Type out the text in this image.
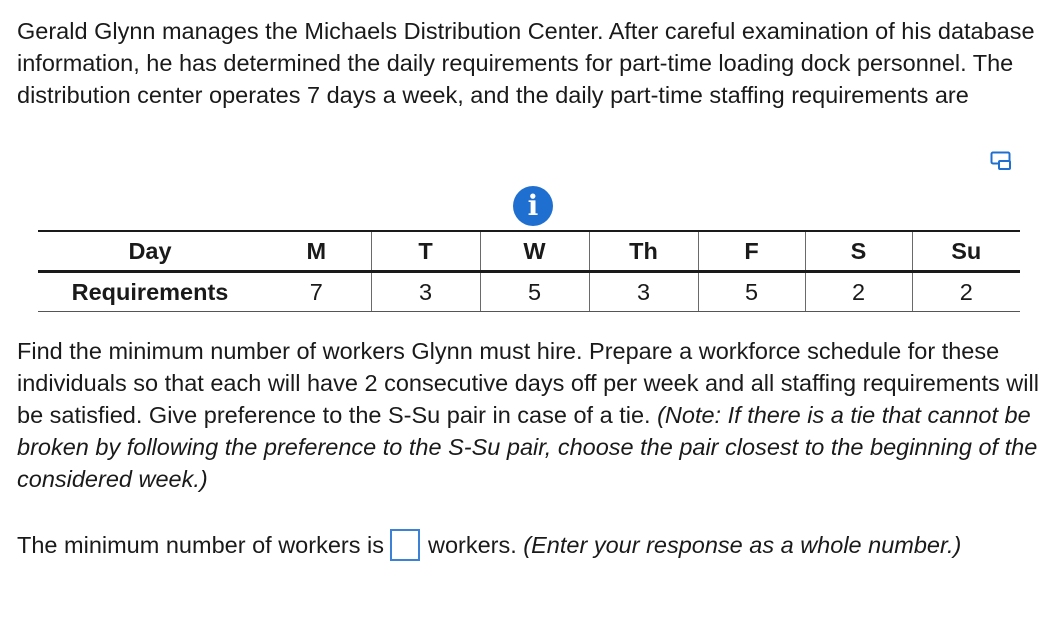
Gerald Glynn manages the Michaels Distribution Center. After careful examination of his database information, he has determined the daily requirements for part-time loading dock personnel. The distribution center operates 7 days a week, and the daily part-time staffing requirements are

i
Day	M	T	W	Th	F	S	Su
Requirements	7	3	5	3	5	2	2

Find the minimum number of workers Glynn must hire. Prepare a workforce schedule for these individuals so that each will have 2 consecutive days off per week and all staffing requirements will be satisfied. Give preference to the S-Su pair in case of a tie. (Note: If there is a tie that cannot be broken by following the preference to the S-Su pair, choose the pair closest to the beginning of the considered week.)

The minimum number of workers is workers. (Enter your response as a whole number.)
